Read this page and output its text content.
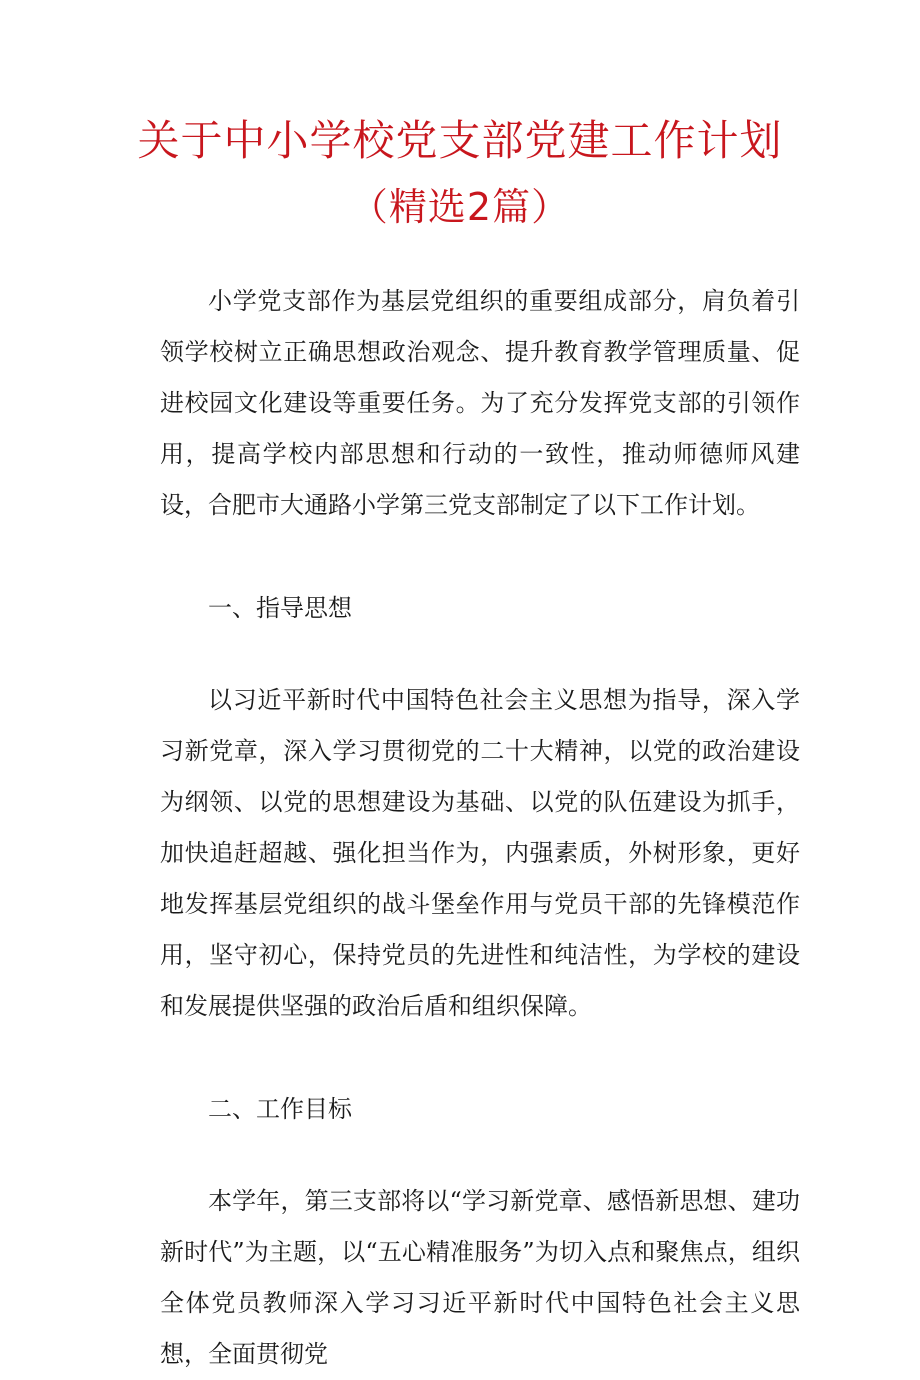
关于中小学校党支部党建工作计划
（精选2篇）

小学党支部作为基层党组织的重要组成部分，肩负着引领学校树立正确思想政治观念、提升教育教学管理质量、促进校园文化建设等重要任务。为了充分发挥党支部的引领作用，提高学校内部思想和行动的一致性，推动师德师风建设，合肥市大通路小学第三党支部制定了以下工作计划。

一、指导思想

以习近平新时代中国特色社会主义思想为指导，深入学习新党章，深入学习贯彻党的二十大精神，以党的政治建设为纲领、以党的思想建设为基础、以党的队伍建设为抓手，加快追赶超越、强化担当作为，内强素质，外树形象，更好地发挥基层党组织的战斗堡垒作用与党员干部的先锋模范作用，坚守初心，保持党员的先进性和纯洁性，为学校的建设和发展提供坚强的政治后盾和组织保障。

二、工作目标

本学年，第三支部将以“学习新党章、感悟新思想、建功新时代”为主题，以“五心精准服务”为切入点和聚焦点，组织全体党员教师深入学习习近平新时代中国特色社会主义思想，全面贯彻党
